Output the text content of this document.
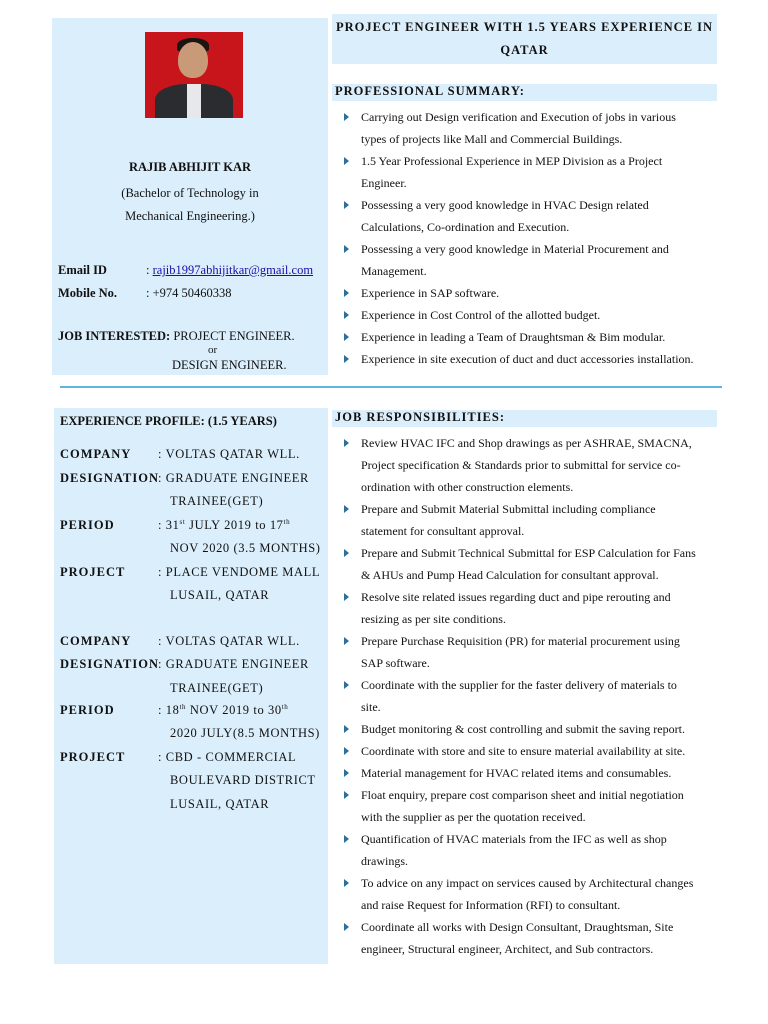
RAJIB ABHIJIT KAR
(Bachelor of Technology in
Mechanical Engineering.)
Email ID	: rajib1997abhijitkar@gmail.com
Mobile No. : +974 50460338
JOB INTERESTED: PROJECT ENGINEER.
or
DESIGN ENGINEER.
PROJECT ENGINEER WITH 1.5 YEARS EXPERIENCE IN
QATAR
PROFESSIONAL SUMMARY:
Carrying out Design verification and Execution of jobs in various
types of projects like Mall and Commercial Buildings.
1.5 Year Professional Experience in MEP Division as a Project
Engineer.
Possessing a very good knowledge in HVAC Design related
Calculations, Co-ordination and Execution.
Possessing a very good knowledge in Material Procurement and
Management.
Experience in SAP software.
Experience in Cost Control of the allotted budget.
Experience in leading a Team of Draughtsman & Bim modular.
Experience in site execution of duct and duct accessories installation.
EXPERIENCE PROFILE: (1.5 YEARS)
COMPANY : VOLTAS QATAR WLL.
DESIGNATION : GRADUATE ENGINEER
TRAINEE(GET)
PERIOD	: 31st JULY 2019 to 17th
NOV 2020 (3.5 MONTHS)
PROJECT	: PLACE VENDOME MALL
LUSAIL, QATAR
COMPANY : VOLTAS QATAR WLL.
DESIGNATION : GRADUATE ENGINEER
TRAINEE(GET)
PERIOD	: 18th NOV 2019 to 30th
2020 JULY(8.5 MONTHS)
PROJECT	: CBD - COMMERCIAL
BOULEVARD DISTRICT
LUSAIL, QATAR
JOB RESPONSIBILITIES:
Review HVAC IFC and Shop drawings as per ASHRAE, SMACNA,
Project specification & Standards prior to submittal for service co-
ordination with other construction elements.
Prepare and Submit Material Submittal including compliance
statement for consultant approval.
Prepare and Submit Technical Submittal for ESP Calculation for Fans
& AHUs and Pump Head Calculation for consultant approval.
Resolve site related issues regarding duct and pipe rerouting and
resizing as per site conditions.
Prepare Purchase Requisition (PR) for material procurement using
SAP software.
Coordinate with the supplier for the faster delivery of materials to
site.
Budget monitoring & cost controlling and submit the saving report.
Coordinate with store and site to ensure material availability at site.
Material management for HVAC related items and consumables.
Float enquiry, prepare cost comparison sheet and initial negotiation
with the supplier as per the quotation received.
Quantification of HVAC materials from the IFC as well as shop
drawings.
To advice on any impact on services caused by Architectural changes
and raise Request for Information (RFI) to consultant.
Coordinate all works with Design Consultant, Draughtsman, Site
engineer, Structural engineer, Architect, and Sub contractors.
